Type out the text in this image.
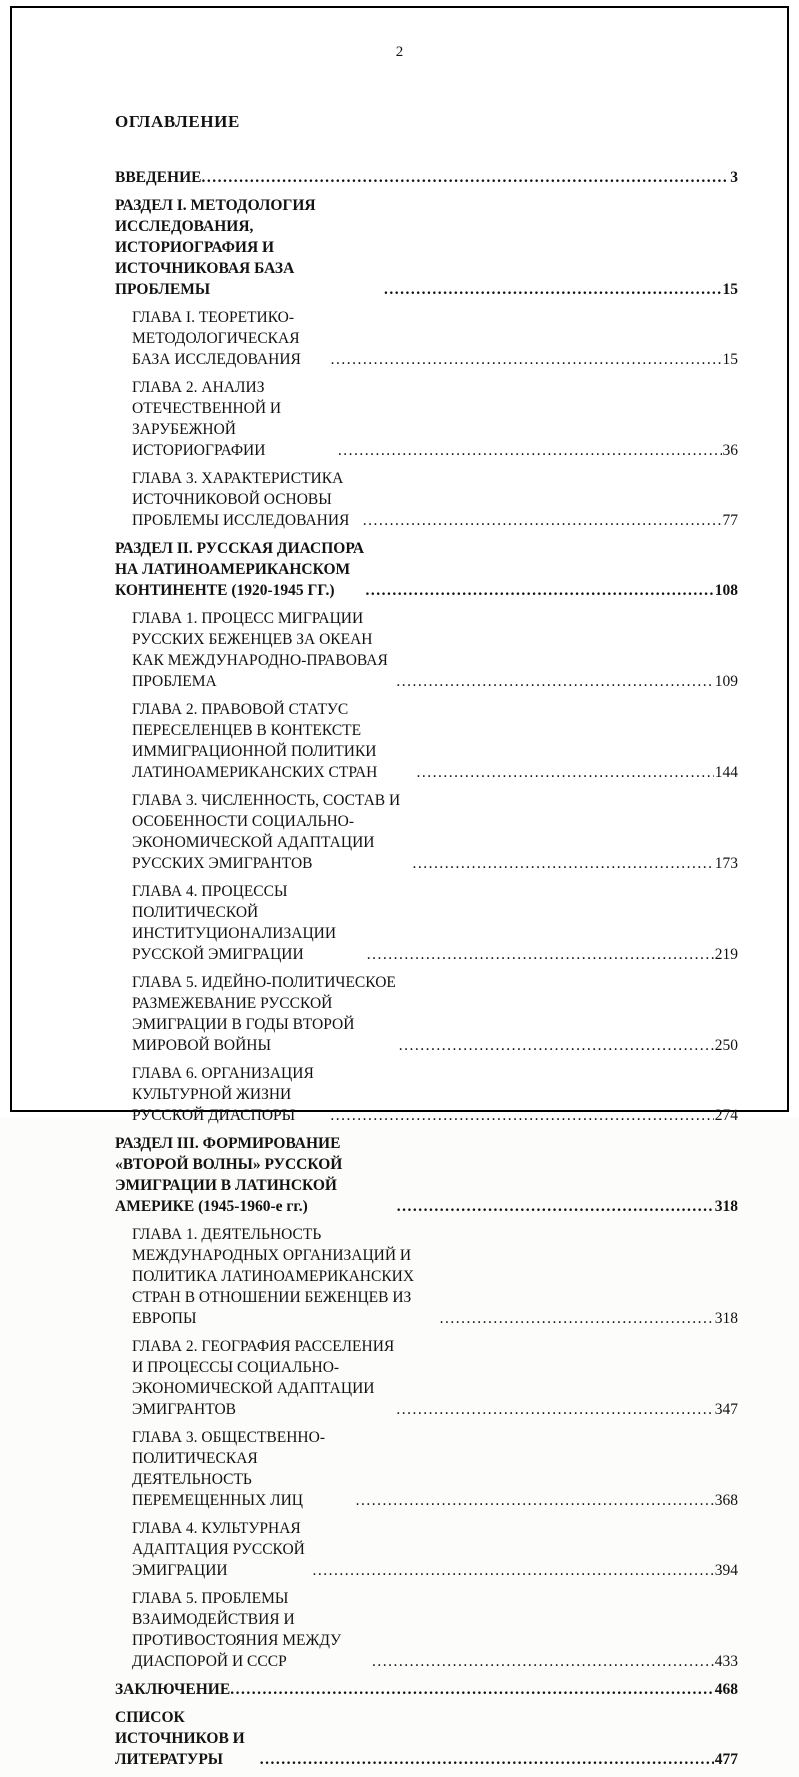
2
ОГЛАВЛЕНИЕ
ВВЕДЕНИЕ .....	3
РАЗДЕЛ I. МЕТОДОЛОГИЯ ИССЛЕДОВАНИЯ, ИСТОРИОГРАФИЯ И ИСТОЧНИКОВАЯ БАЗА ПРОБЛЕМЫ .....	15
ГЛАВА I. ТЕОРЕТИКО-МЕТОДОЛОГИЧЕСКАЯ БАЗА ИССЛЕДОВАНИЯ .....	15
ГЛАВА 2. АНАЛИЗ ОТЕЧЕСТВЕННОЙ И ЗАРУБЕЖНОЙ ИСТОРИОГРАФИИ .....	36
ГЛАВА 3. ХАРАКТЕРИСТИКА ИСТОЧНИКОВОЙ ОСНОВЫ ПРОБЛЕМЫ ИССЛЕДОВАНИЯ .....	77
РАЗДЕЛ II. РУССКАЯ ДИАСПОРА НА ЛАТИНОАМЕРИКАНСКОМ КОНТИНЕНТЕ (1920-1945 ГГ.) .....	108
ГЛАВА 1. ПРОЦЕСС МИГРАЦИИ РУССКИХ БЕЖЕНЦЕВ ЗА ОКЕАН КАК МЕЖДУНАРОДНО-ПРАВОВАЯ ПРОБЛЕМА .....	109
ГЛАВА 2. ПРАВОВОЙ СТАТУС ПЕРЕСЕЛЕНЦЕВ В КОНТЕКСТЕ ИММИГРАЦИОННОЙ ПОЛИТИКИ ЛАТИНОАМЕРИКАНСКИХ СТРАН .....	144
ГЛАВА 3. ЧИСЛЕННОСТЬ, СОСТАВ И ОСОБЕННОСТИ СОЦИАЛЬНО-ЭКОНОМИЧЕСКОЙ АДАПТАЦИИ РУССКИХ ЭМИГРАНТОВ .....	173
ГЛАВА 4. ПРОЦЕССЫ ПОЛИТИЧЕСКОЙ ИНСТИТУЦИОНАЛИЗАЦИИ РУССКОЙ ЭМИГРАЦИИ .....	219
ГЛАВА 5. ИДЕЙНО-ПОЛИТИЧЕСКОЕ РАЗМЕЖЕВАНИЕ РУССКОЙ ЭМИГРАЦИИ В ГОДЫ ВТОРОЙ МИРОВОЙ ВОЙНЫ .....	250
ГЛАВА 6. ОРГАНИЗАЦИЯ КУЛЬТУРНОЙ ЖИЗНИ РУССКОЙ ДИАСПОРЫ .....	274
РАЗДЕЛ III. ФОРМИРОВАНИЕ «ВТОРОЙ ВОЛНЫ» РУССКОЙ ЭМИГРАЦИИ В ЛАТИНСКОЙ АМЕРИКЕ (1945-1960-е гг.) .....	318
ГЛАВА 1. ДЕЯТЕЛЬНОСТЬ МЕЖДУНАРОДНЫХ ОРГАНИЗАЦИЙ И ПОЛИТИКА ЛАТИНОАМЕРИКАНСКИХ СТРАН В ОТНОШЕНИИ БЕЖЕНЦЕВ ИЗ ЕВРОПЫ .....	318
ГЛАВА 2. ГЕОГРАФИЯ РАССЕЛЕНИЯ И ПРОЦЕССЫ СОЦИАЛЬНО-ЭКОНОМИЧЕСКОЙ АДАПТАЦИИ ЭМИГРАНТОВ .....	347
ГЛАВА 3. ОБЩЕСТВЕННО-ПОЛИТИЧЕСКАЯ ДЕЯТЕЛЬНОСТЬ ПЕРЕМЕЩЕННЫХ ЛИЦ .....	368
ГЛАВА 4. КУЛЬТУРНАЯ АДАПТАЦИЯ РУССКОЙ ЭМИГРАЦИИ .....	394
ГЛАВА 5. ПРОБЛЕМЫ ВЗАИМОДЕЙСТВИЯ И ПРОТИВОСТОЯНИЯ МЕЖДУ ДИАСПОРОЙ И СССР .....	433
ЗАКЛЮЧЕНИЕ .....	468
СПИСОК ИСТОЧНИКОВ И ЛИТЕРАТУРЫ .....	477
